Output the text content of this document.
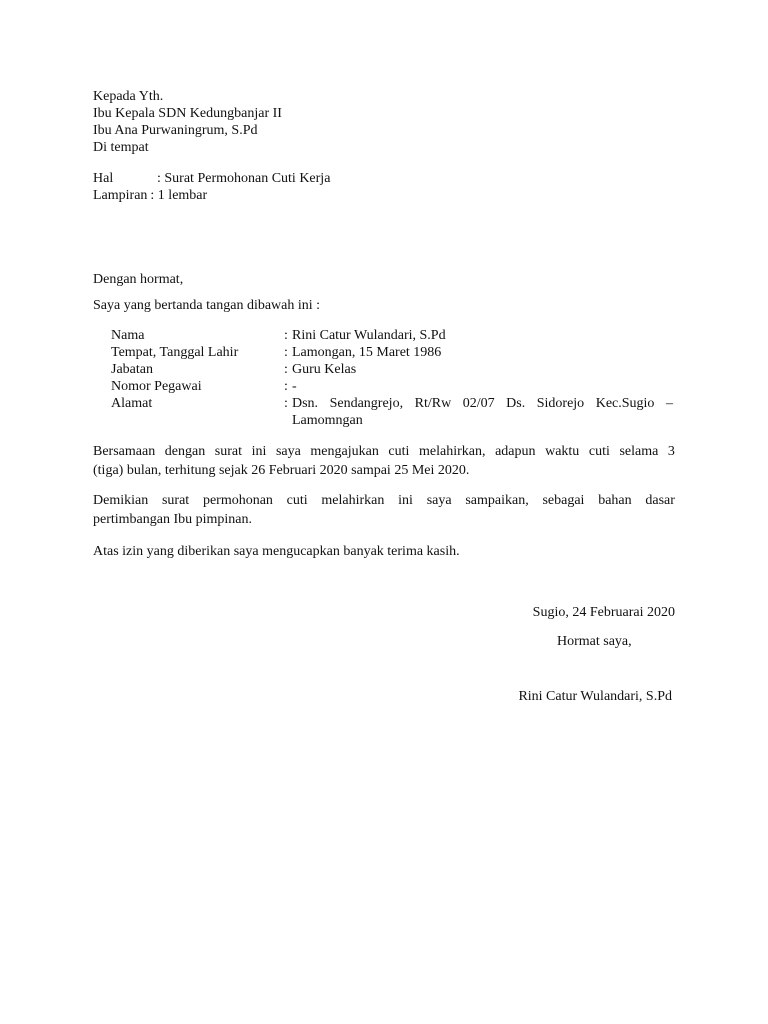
Kepada Yth.
Ibu Kepala SDN Kedungbanjar II
Ibu Ana Purwaningrum, S.Pd
Di tempat
Hal	: Surat Permohonan Cuti Kerja
Lampiran : 1 lembar
Dengan hormat,
Saya yang bertanda tangan dibawah ini :
Nama	: Rini Catur Wulandari, S.Pd
Tempat, Tanggal Lahir	: Lamongan, 15 Maret 1986
Jabatan	: Guru Kelas
Nomor Pegawai	: -
Alamat	: Dsn. Sendangrejo, Rt/Rw 02/07 Ds. Sidorejo Kec.Sugio –
Lamomngan
Bersamaan dengan surat ini saya mengajukan cuti melahirkan, adapun waktu cuti selama 3
(tiga) bulan, terhitung sejak 26 Februari 2020 sampai 25 Mei 2020.
Demikian surat permohonan cuti melahirkan ini saya sampaikan, sebagai bahan dasar
pertimbangan Ibu pimpinan.
Atas izin yang diberikan saya mengucapkan banyak terima kasih.
Sugio, 24 Februarai 2020
Hormat saya,
Rini Catur Wulandari, S.Pd
